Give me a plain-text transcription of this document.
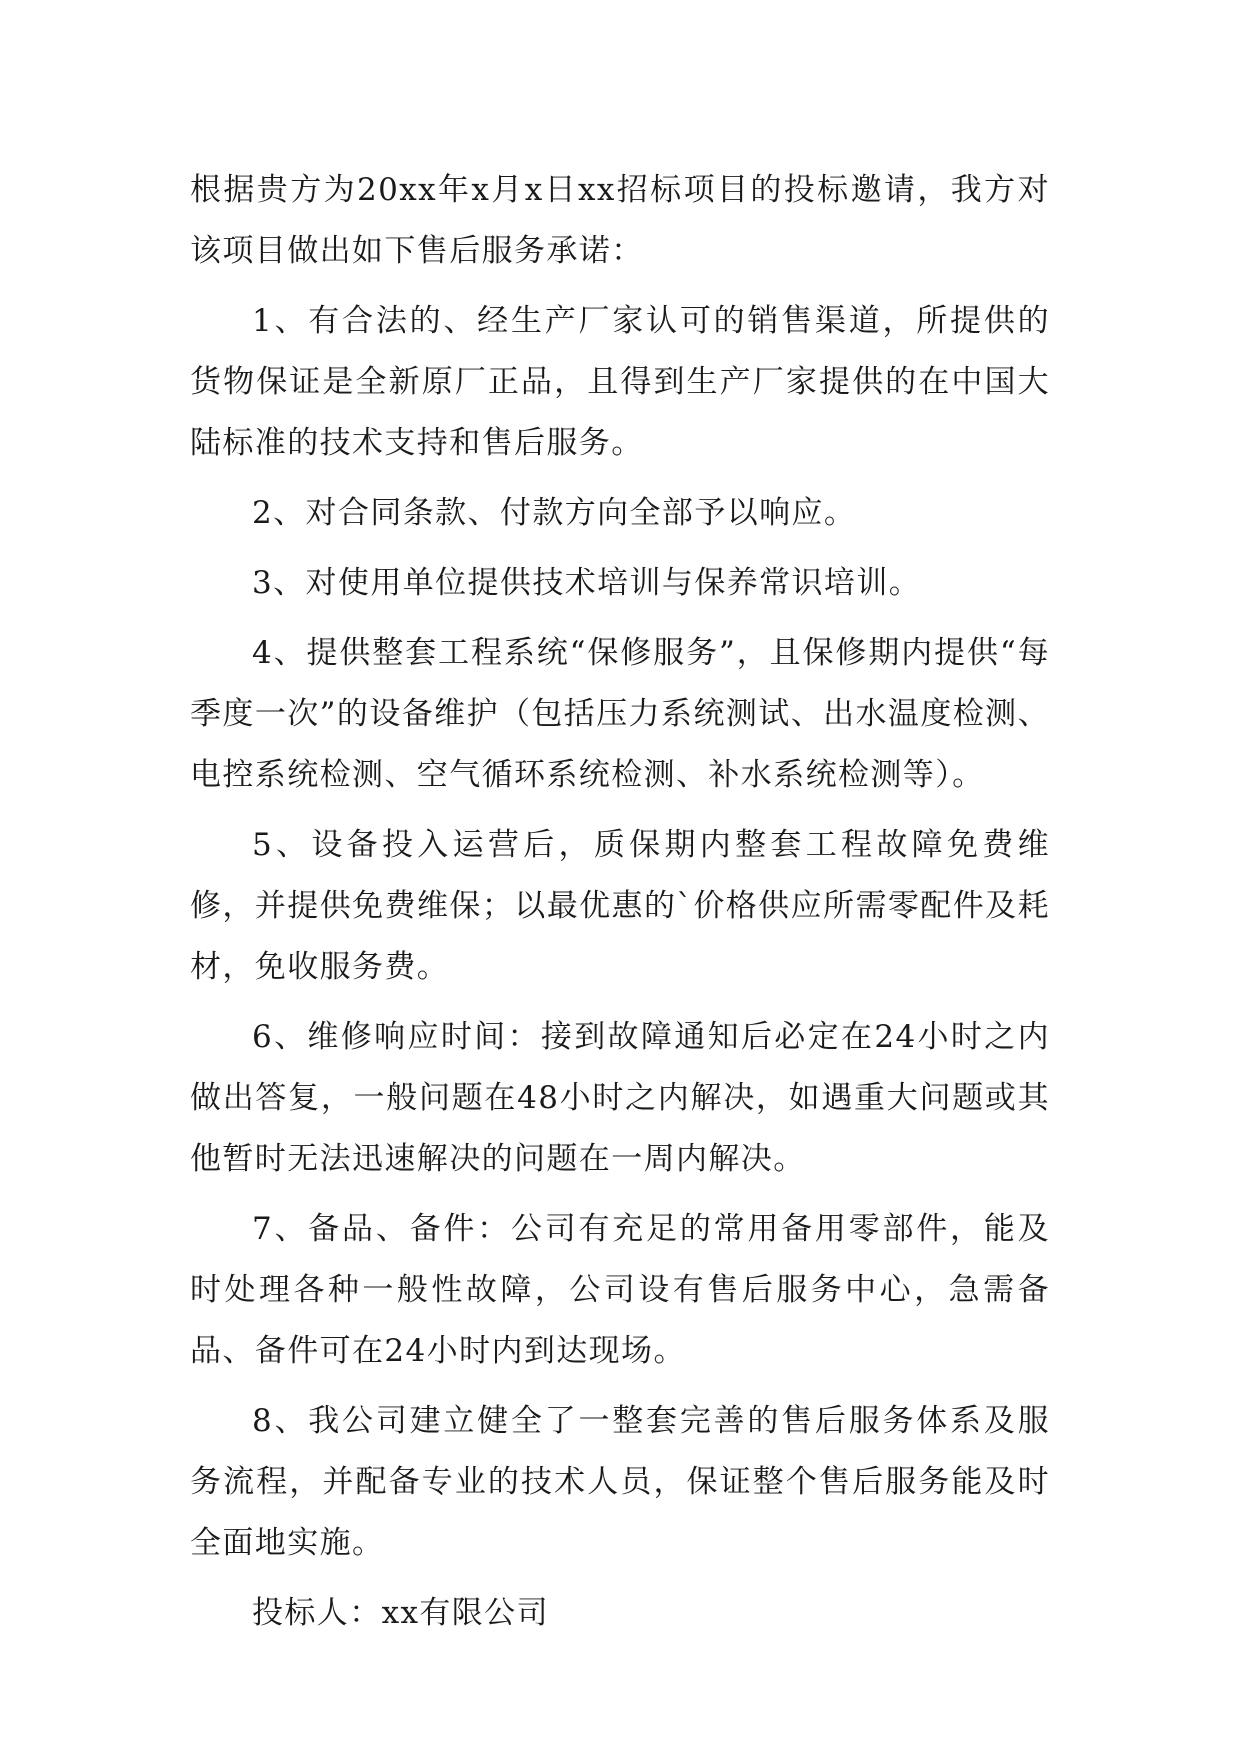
根据贵方为20xx年x月x日xx招标项目的投标邀请，我方对该项目做出如下售后服务承诺：

1、有合法的、经生产厂家认可的销售渠道，所提供的货物保证是全新原厂正品，且得到生产厂家提供的在中国大陆标准的技术支持和售后服务。

2、对合同条款、付款方向全部予以响应。

3、对使用单位提供技术培训与保养常识培训。

4、提供整套工程系统“保修服务”，且保修期内提供“每季度一次”的设备维护（包括压力系统测试、出水温度检测、电控系统检测、空气循环系统检测、补水系统检测等）。

5、设备投入运营后，质保期内整套工程故障免费维修，并提供免费维保；以最优惠的`价格供应所需零配件及耗材，免收服务费。

6、维修响应时间：接到故障通知后必定在24小时之内做出答复，一般问题在48小时之内解决，如遇重大问题或其他暂时无法迅速解决的问题在一周内解决。

7、备品、备件：公司有充足的常用备用零部件，能及时处理各种一般性故障，公司设有售后服务中心，急需备品、备件可在24小时内到达现场。

8、我公司建立健全了一整套完善的售后服务体系及服务流程，并配备专业的技术人员，保证整个售后服务能及时全面地实施。

投标人：xx有限公司
